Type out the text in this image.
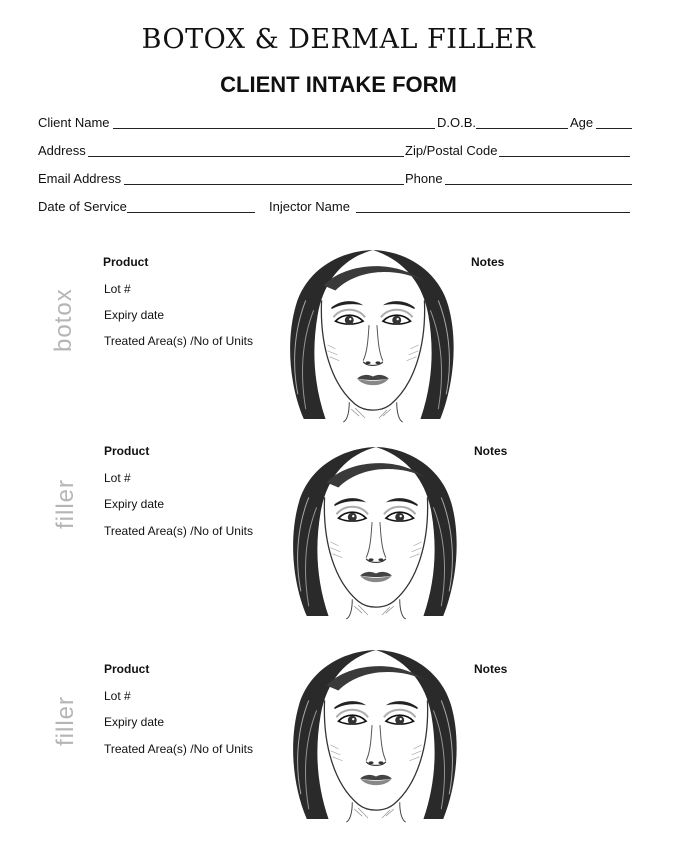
BOTOX & DERMAL FILLER
CLIENT INTAKE FORM
Client Name	D.O.B.	Age
Address	Zip/Postal Code
Email Address	Phone
Date of Service	Injector Name
botox
Product
Lot #
Expiry date
Treated Area(s) /No of Units
Notes
filler
Product
Lot #
Expiry date
Treated Area(s) /No of Units
Notes
filler
Product
Lot #
Expiry date
Treated Area(s) /No of Units
Notes
